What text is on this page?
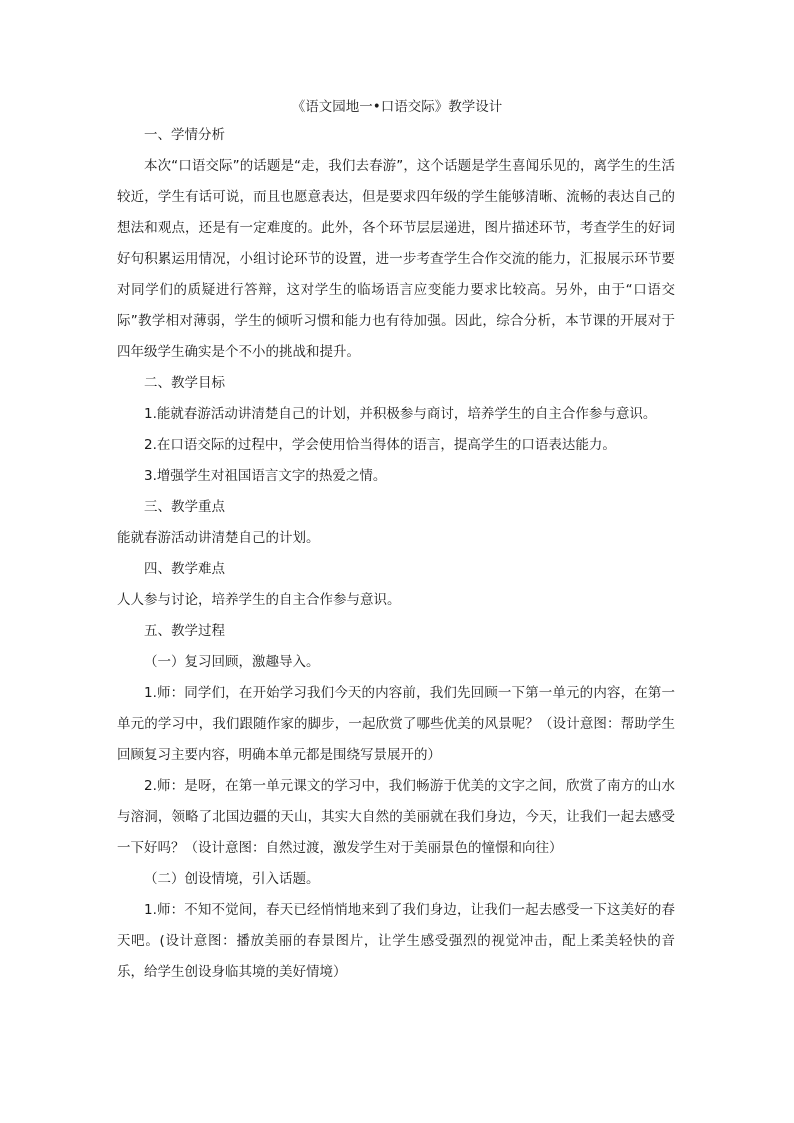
《语文园地一•口语交际》教学设计

一、学情分析

本次“口语交际”的话题是“走，我们去春游”，这个话题是学生喜闻乐见的，离学生的生活较近，学生有话可说，而且也愿意表达，但是要求四年级的学生能够清晰、流畅的表达自己的想法和观点，还是有一定难度的。此外，各个环节层层递进，图片描述环节，考查学生的好词好句积累运用情况，小组讨论环节的设置，进一步考查学生合作交流的能力，汇报展示环节要对同学们的质疑进行答辩，这对学生的临场语言应变能力要求比较高。另外，由于“口语交际”教学相对薄弱，学生的倾听习惯和能力也有待加强。因此，综合分析，本节课的开展对于四年级学生确实是个不小的挑战和提升。

二、教学目标

1.能就春游活动讲清楚自己的计划，并积极参与商讨，培养学生的自主合作参与意识。

2.在口语交际的过程中，学会使用恰当得体的语言，提高学生的口语表达能力。

3.增强学生对祖国语言文字的热爱之情。

三、教学重点

能就春游活动讲清楚自己的计划。

四、教学难点

人人参与讨论，培养学生的自主合作参与意识。

五、教学过程

（一）复习回顾，激趣导入。

1.师：同学们，在开始学习我们今天的内容前，我们先回顾一下第一单元的内容，在第一单元的学习中，我们跟随作家的脚步，一起欣赏了哪些优美的风景呢？（设计意图：帮助学生回顾复习主要内容，明确本单元都是围绕写景展开的）

2.师：是呀，在第一单元课文的学习中，我们畅游于优美的文字之间，欣赏了南方的山水与溶洞，领略了北国边疆的天山，其实大自然的美丽就在我们身边，今天，让我们一起去感受一下好吗？（设计意图：自然过渡，激发学生对于美丽景色的憧憬和向往）

（二）创设情境，引入话题。

1.师：不知不觉间，春天已经悄悄地来到了我们身边，让我们一起去感受一下这美好的春天吧。(设计意图：播放美丽的春景图片，让学生感受强烈的视觉冲击，配上柔美轻快的音乐，给学生创设身临其境的美好情境）
